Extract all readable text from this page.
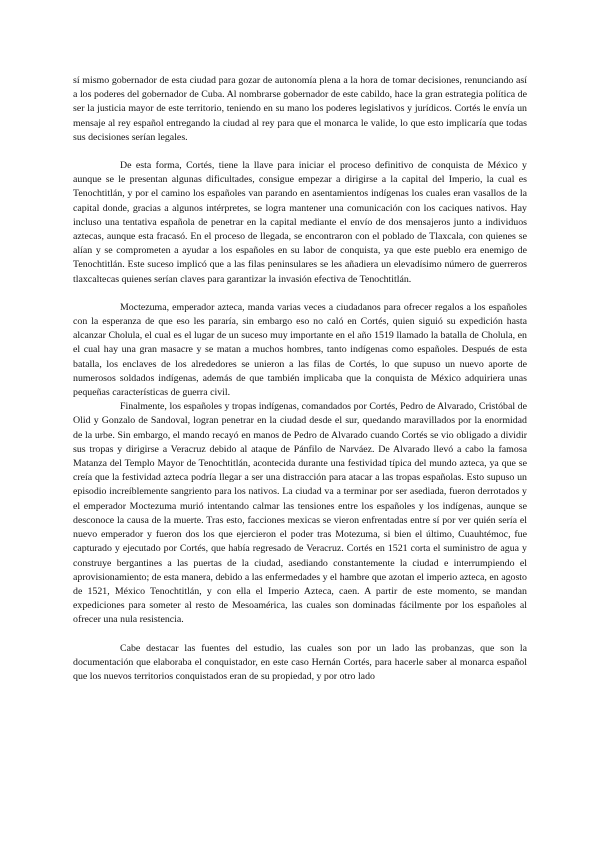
sí mismo gobernador de esta ciudad para gozar de autonomía plena a la hora de tomar decisiones, renunciando así a los poderes del gobernador de Cuba. Al nombrarse gobernador de este cabildo, hace la gran estrategia política de ser la justicia mayor de este territorio, teniendo en su mano los poderes legislativos y jurídicos. Cortés le envía un mensaje al rey español entregando la ciudad al rey para que el monarca le valide, lo que esto implicaría que todas sus decisiones serían legales.

De esta forma, Cortés, tiene la llave para iniciar el proceso definitivo de conquista de México y aunque se le presentan algunas dificultades, consigue empezar a dirigirse a la capital del Imperio, la cual es Tenochtitlán, y por el camino los españoles van parando en asentamientos indígenas los cuales eran vasallos de la capital donde, gracias a algunos intérpretes, se logra mantener una comunicación con los caciques nativos. Hay incluso una tentativa española de penetrar en la capital mediante el envío de dos mensajeros junto a individuos aztecas, aunque esta fracasó. En el proceso de llegada, se encontraron con el poblado de Tlaxcala, con quienes se alían y se comprometen a ayudar a los españoles en su labor de conquista, ya que este pueblo era enemigo de Tenochtitlán. Este suceso implicó que a las filas peninsulares se les añadiera un elevadísimo número de guerreros tlaxcaltecas quienes serían claves para garantizar la invasión efectiva de Tenochtitlán.

Moctezuma, emperador azteca, manda varias veces a ciudadanos para ofrecer regalos a los españoles con la esperanza de que eso les pararía, sin embargo eso no caló en Cortés, quien siguió su expedición hasta alcanzar Cholula, el cual es el lugar de un suceso muy importante en el año 1519 llamado la batalla de Cholula, en el cual hay una gran masacre y se matan a muchos hombres, tanto indígenas como españoles. Después de esta batalla, los enclaves de los alrededores se unieron a las filas de Cortés, lo que supuso un nuevo aporte de numerosos soldados indígenas, además de que también implicaba que la conquista de México adquiriera unas pequeñas características de guerra civil.

Finalmente, los españoles y tropas indígenas, comandados por Cortés, Pedro de Alvarado, Cristóbal de Olid y Gonzalo de Sandoval, logran penetrar en la ciudad desde el sur, quedando maravillados por la enormidad de la urbe. Sin embargo, el mando recayó en manos de Pedro de Alvarado cuando Cortés se vio obligado a dividir sus tropas y dirigirse a Veracruz debido al ataque de Pánfilo de Narváez. De Alvarado llevó a cabo la famosa Matanza del Templo Mayor de Tenochtitlán, acontecida durante una festividad típica del mundo azteca, ya que se creía que la festividad azteca podría llegar a ser una distracción para atacar a las tropas españolas. Esto supuso un episodio increíblemente sangriento para los nativos. La ciudad va a terminar por ser asediada, fueron derrotados y el emperador Moctezuma murió intentando calmar las tensiones entre los españoles y los indígenas, aunque se desconoce la causa de la muerte. Tras esto, facciones mexicas se vieron enfrentadas entre sí por ver quién sería el nuevo emperador y fueron dos los que ejercieron el poder tras Motezuma, si bien el último, Cuauhtémoc, fue capturado y ejecutado por Cortés, que había regresado de Veracruz. Cortés en 1521 corta el suministro de agua y construye bergantines a las puertas de la ciudad, asediando constantemente la ciudad e interrumpiendo el aprovisionamiento; de esta manera, debido a las enfermedades y el hambre que azotan el imperio azteca, en agosto de 1521, México Tenochtitlán, y con ella el Imperio Azteca, caen. A partir de este momento, se mandan expediciones para someter al resto de Mesoamérica, las cuales son dominadas fácilmente por los españoles al ofrecer una nula resistencia.

Cabe destacar las fuentes del estudio, las cuales son por un lado las probanzas, que son la documentación que elaboraba el conquistador, en este caso Hernán Cortés, para hacerle saber al monarca español que los nuevos territorios conquistados eran de su propiedad, y por otro lado
